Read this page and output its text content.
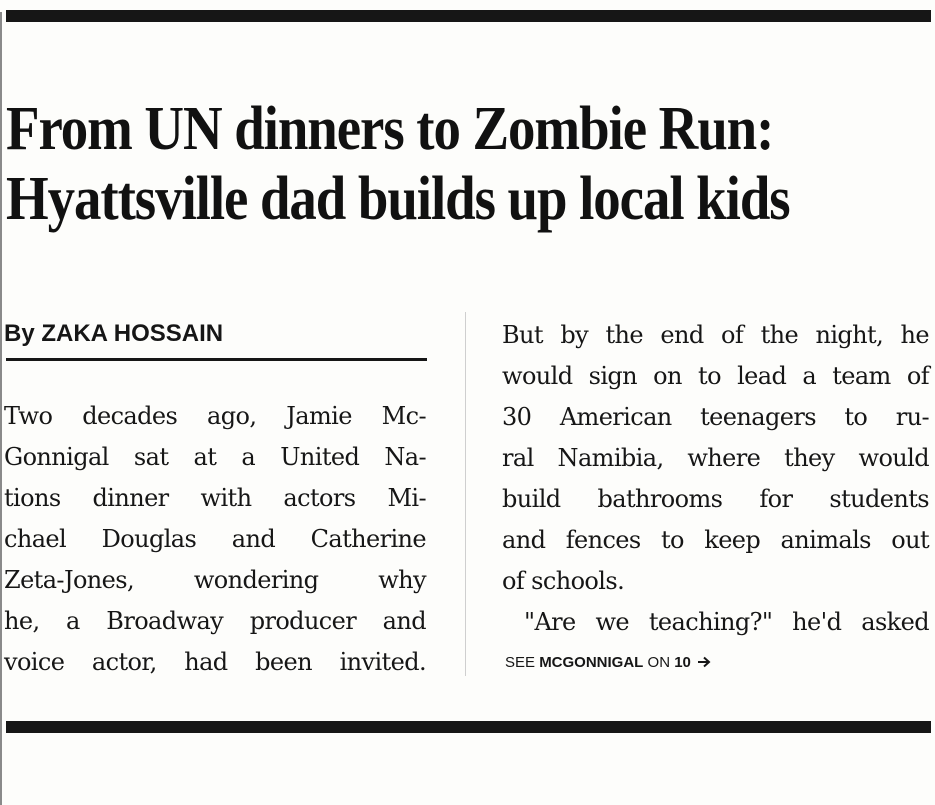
From UN dinners to Zombie Run:
Hyattsville dad builds up local kids
By ZAKA HOSSAIN
Two decades ago, Jamie Mc-
Gonnigal sat at a United Na-
tions dinner with actors Mi-
chael Douglas and Catherine
Zeta-Jones, wondering why
he, a Broadway producer and
voice actor, had been invited.
But by the end of the night, he
would sign on to lead a team of
30 American teenagers to ru-
ral Namibia, where they would
build bathrooms for students
and fences to keep animals out
of schools.
"Are we teaching?" he'd asked
SEE MCGONNIGAL ON 10
